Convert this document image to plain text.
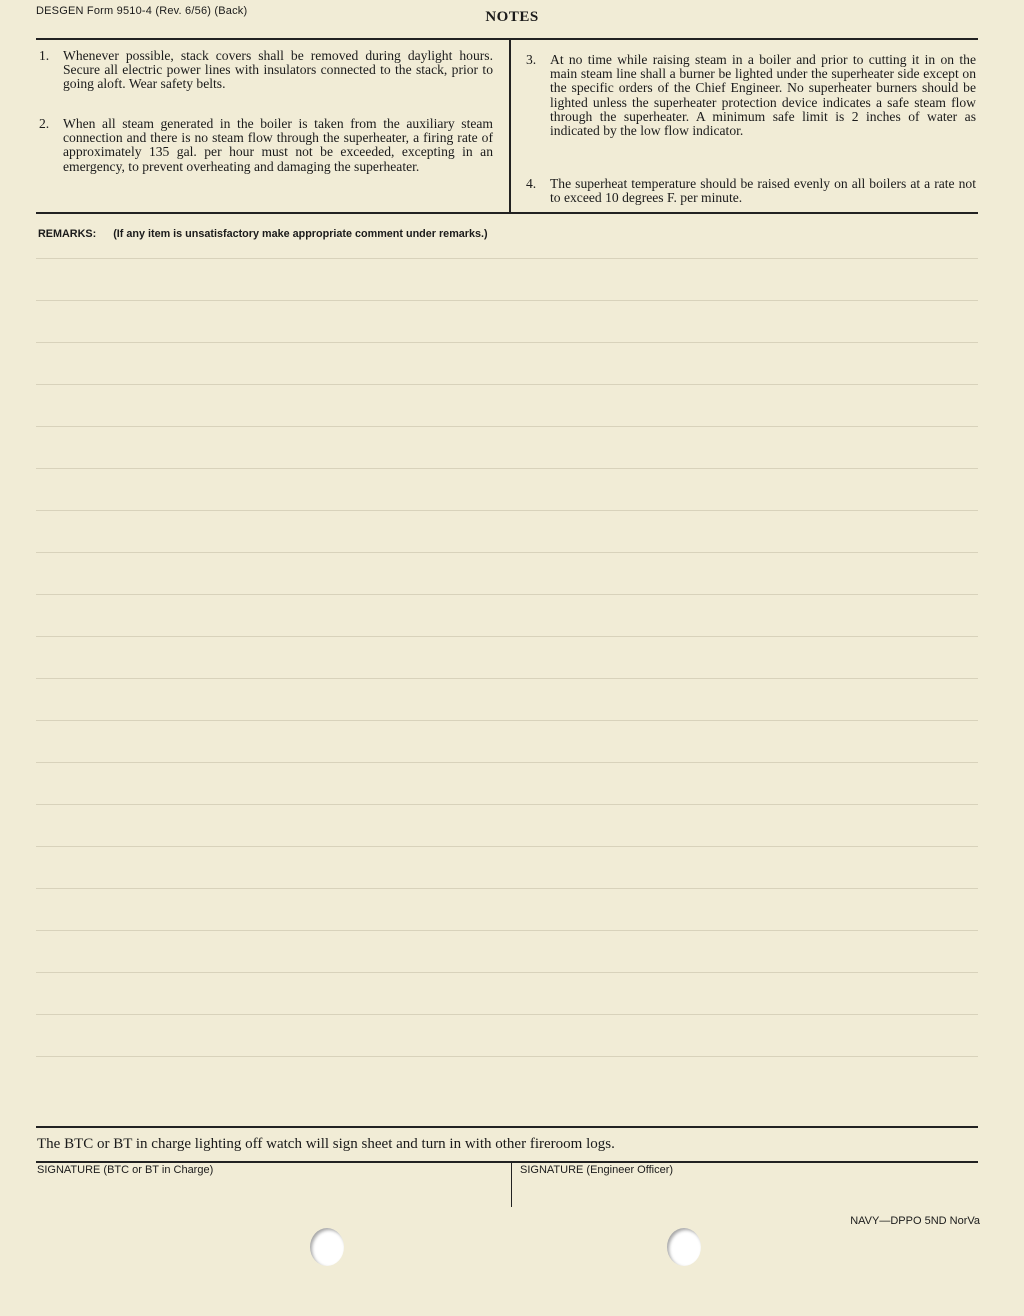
DESGEN Form 9510-4 (Rev. 6/56) (Back)	NOTES
1. Whenever possible, stack covers shall be removed during daylight hours. Secure all electric power lines with insulators connected to the stack, prior to going aloft. Wear safety belts.
2. When all steam generated in the boiler is taken from the auxiliary steam connection and there is no steam flow through the superheater, a firing rate of approximately 135 gal. per hour must not be exceeded, excepting in an emergency, to prevent overheating and damaging the superheater.
3. At no time while raising steam in a boiler and prior to cutting it in on the main steam line shall a burner be lighted under the superheater side except on the specific orders of the Chief Engineer. No superheater burners should be lighted unless the superheater protection device indicates a safe steam flow through the superheater. A minimum safe limit is 2 inches of water as indicated by the low flow indicator.
4. The superheat temperature should be raised evenly on all boilers at a rate not to exceed 10 degrees F. per minute.
REMARKS: (If any item is unsatisfactory make appropriate comment under remarks.)
The BTC or BT in charge lighting off watch will sign sheet and turn in with other fireroom logs.
SIGNATURE (BTC or BT in Charge)	SIGNATURE (Engineer Officer)
NAVY—DPPO 5ND NorVa
